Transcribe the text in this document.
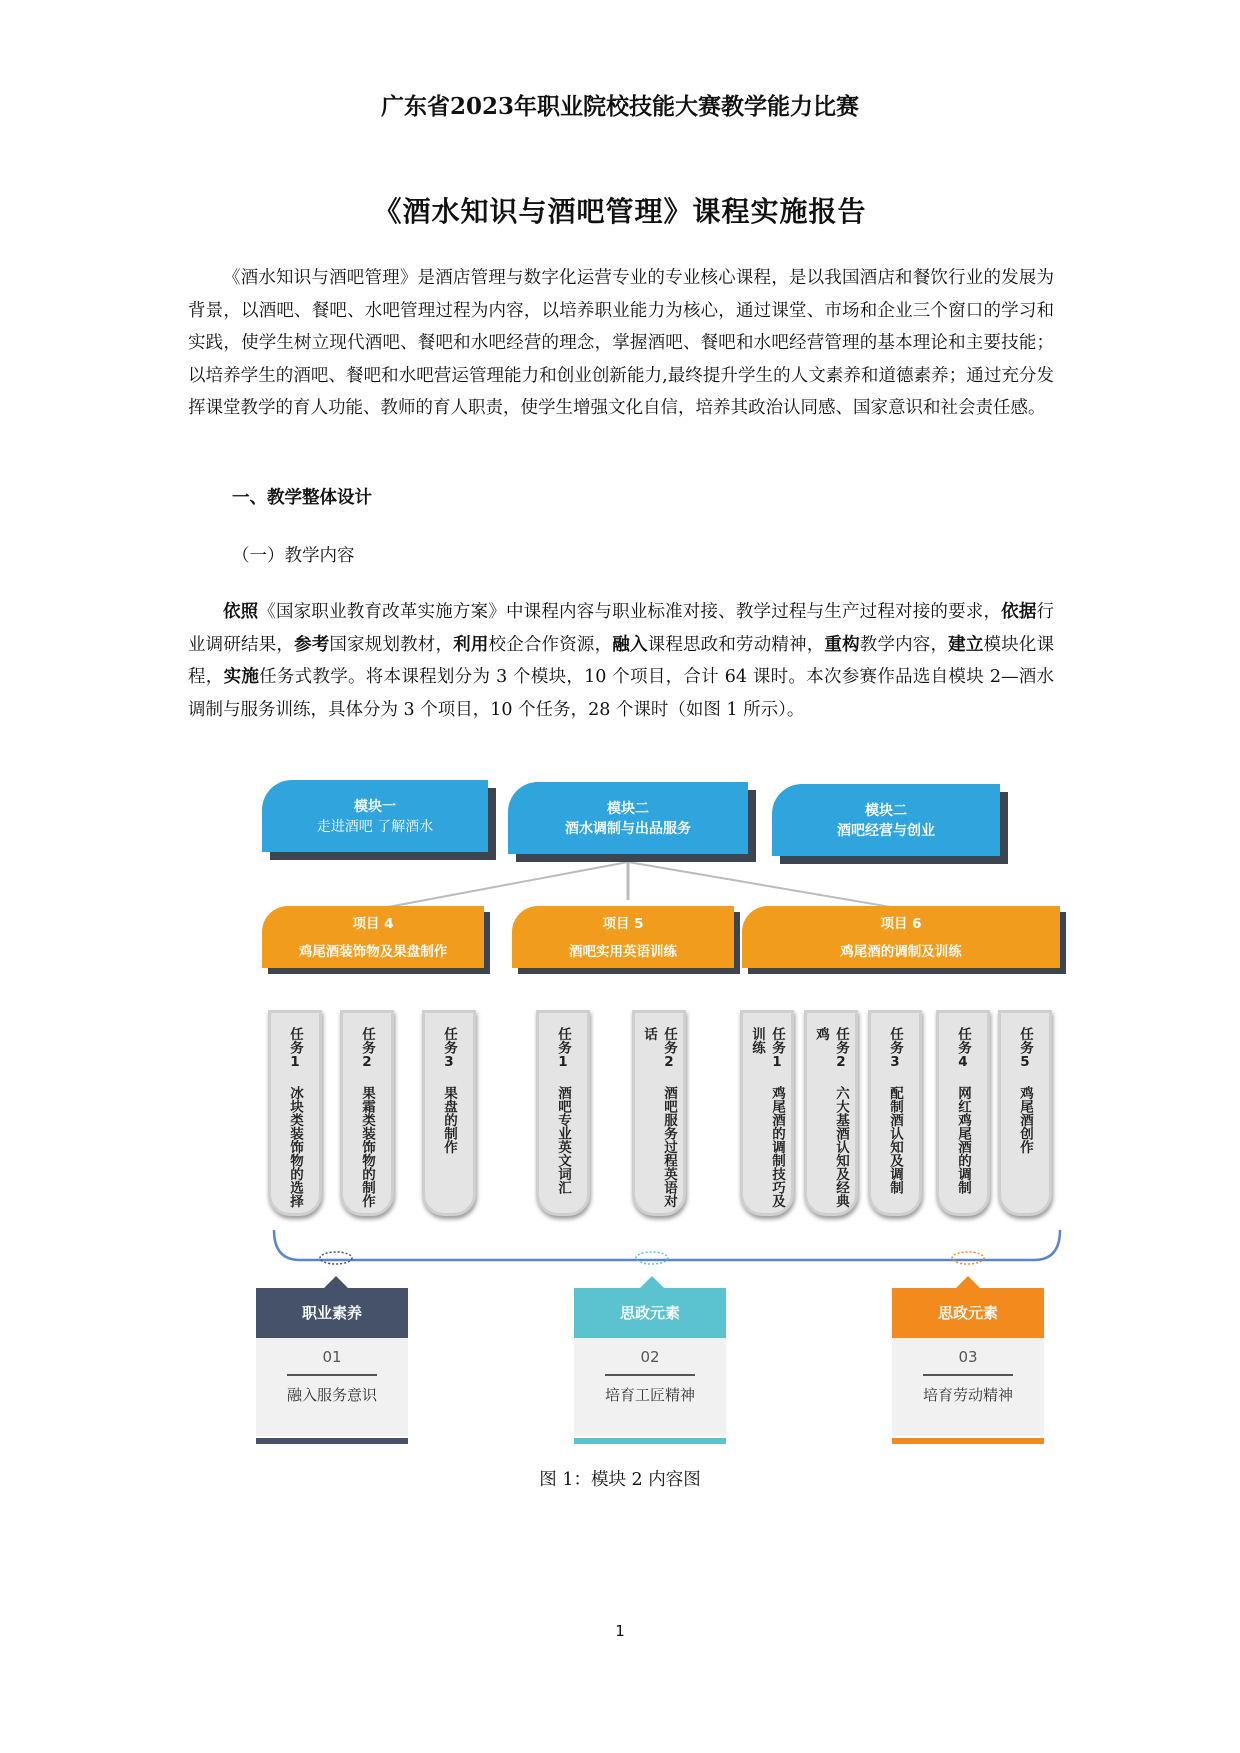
广东省2023年职业院校技能大赛教学能力比赛
《酒水知识与酒吧管理》课程实施报告

《酒水知识与酒吧管理》是酒店管理与数字化运营专业的专业核心课程，是以我国酒店和餐饮行业的发展为背景，以酒吧、餐吧、水吧管理过程为内容，以培养职业能力为核心，通过课堂、市场和企业三个窗口的学习和实践，使学生树立现代酒吧、餐吧和水吧经营的理念，掌握酒吧、餐吧和水吧经营管理的基本理论和主要技能；以培养学生的酒吧、餐吧和水吧营运管理能力和创业创新能力,最终提升学生的人文素养和道德素养；通过充分发挥课堂教学的育人功能、教师的育人职责，使学生增强文化自信，培养其政治认同感、国家意识和社会责任感。

一、教学整体设计
（一）教学内容

依照《国家职业教育改革实施方案》中课程内容与职业标准对接、教学过程与生产过程对接的要求，依据行业调研结果，参考国家规划教材，利用校企合作资源，融入课程思政和劳动精神，重构教学内容，建立模块化课程，实施任务式教学。将本课程划分为 3 个模块，10 个项目，合计 64 课时。本次参赛作品选自模块 2—酒水调制与服务训练，具体分为 3 个项目，10 个任务，28 个课时（如图 1 所示）。

模块一
走进酒吧 了解酒水
模块二
酒水调制与出品服务
模块二
酒吧经营与创业
项目 4
鸡尾酒装饰物及果盘制作
项目 5
酒吧实用英语训练
项目 6
鸡尾酒的调制及训练
任务1 冰块类装饰物的选择	任务2 果霜类装饰物的制作	任务3 果盘的制作	任务1 酒吧专业英文词汇	任务2 酒吧服务过程英语对话	任务1 鸡尾酒的调制技巧及训练	任务2 六大基酒认知及经典鸡	任务3 配制酒认知及调制	任务4 网红鸡尾酒的调制	任务5 鸡尾酒创作
职业素养
01
融入服务意识
思政元素
02
培育工匠精神
思政元素
03
培育劳动精神
图 1：模块 2 内容图
1
